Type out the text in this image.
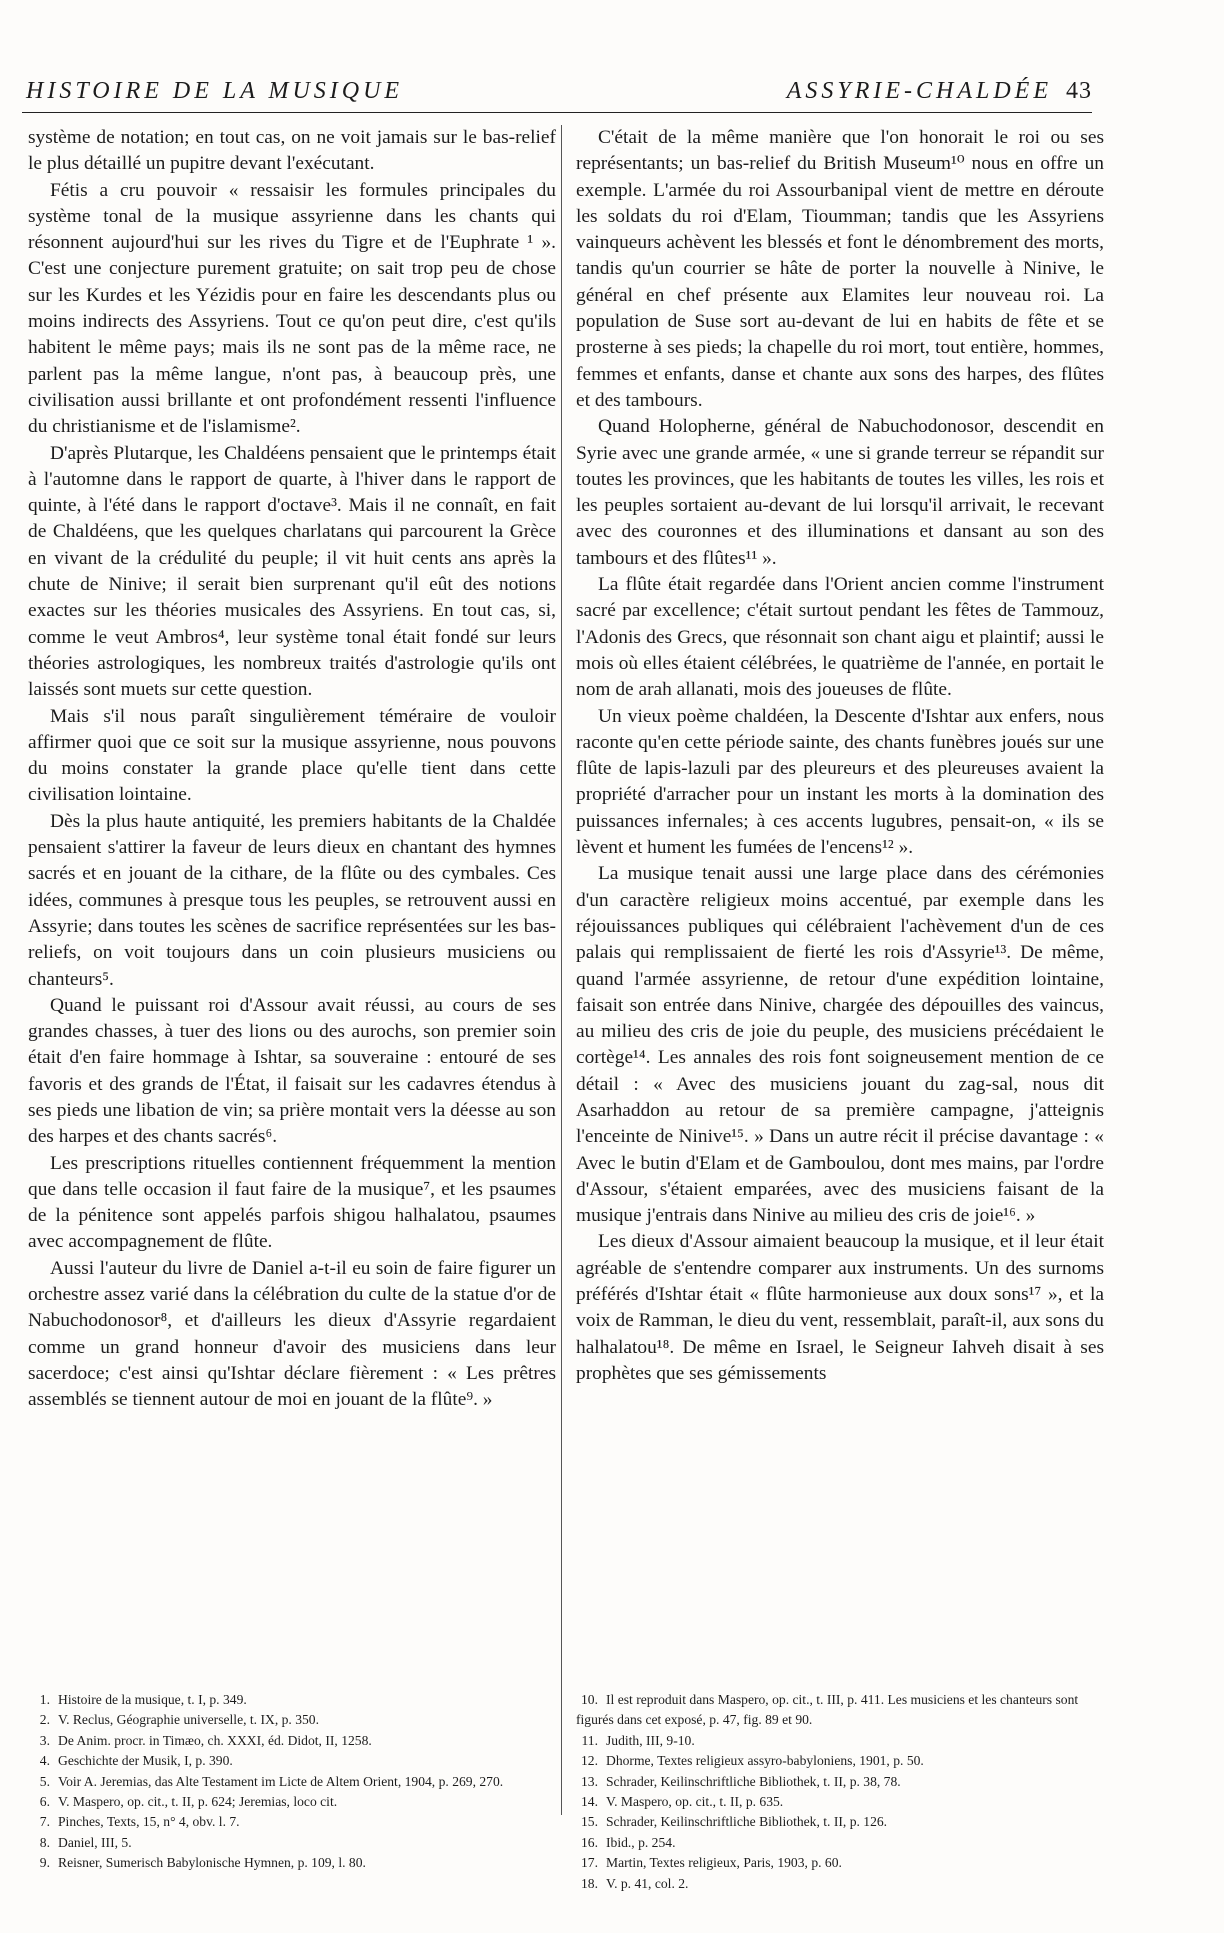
HISTOIRE DE LA MUSIQUE	ASSYRIE-CHALDÉE 43

système de notation; en tout cas, on ne voit jamais sur le bas-relief le plus détaillé un pupitre devant l'exécutant.

Fétis a cru pouvoir « ressaisir les formules principales du système tonal de la musique assyrienne dans les chants qui résonnent aujourd'hui sur les rives du Tigre et de l'Euphrate ¹ ». C'est une conjecture purement gratuite; on sait trop peu de chose sur les Kurdes et les Yézidis pour en faire les descendants plus ou moins indirects des Assyriens. Tout ce qu'on peut dire, c'est qu'ils habitent le même pays; mais ils ne sont pas de la même race, ne parlent pas la même langue, n'ont pas, à beaucoup près, une civilisation aussi brillante et ont profondément ressenti l'influence du christianisme et de l'islamisme².

D'après Plutarque, les Chaldéens pensaient que le printemps était à l'automne dans le rapport de quarte, à l'hiver dans le rapport de quinte, à l'été dans le rapport d'octave³. Mais il ne connaît, en fait de Chaldéens, que les quelques charlatans qui parcourent la Grèce en vivant de la crédulité du peuple; il vit huit cents ans après la chute de Ninive; il serait bien surprenant qu'il eût des notions exactes sur les théories musicales des Assyriens. En tout cas, si, comme le veut Ambros⁴, leur système tonal était fondé sur leurs théories astrologiques, les nombreux traités d'astrologie qu'ils ont laissés sont muets sur cette question.

Mais s'il nous paraît singulièrement téméraire de vouloir affirmer quoi que ce soit sur la musique assyrienne, nous pouvons du moins constater la grande place qu'elle tient dans cette civilisation lointaine.

Dès la plus haute antiquité, les premiers habitants de la Chaldée pensaient s'attirer la faveur de leurs dieux en chantant des hymnes sacrés et en jouant de la cithare, de la flûte ou des cymbales. Ces idées, communes à presque tous les peuples, se retrouvent aussi en Assyrie; dans toutes les scènes de sacrifice représentées sur les bas-reliefs, on voit toujours dans un coin plusieurs musiciens ou chanteurs⁵.

Quand le puissant roi d'Assour avait réussi, au cours de ses grandes chasses, à tuer des lions ou des aurochs, son premier soin était d'en faire hommage à Ishtar, sa souveraine : entouré de ses favoris et des grands de l'État, il faisait sur les cadavres étendus à ses pieds une libation de vin; sa prière montait vers la déesse au son des harpes et des chants sacrés⁶.

Les prescriptions rituelles contiennent fréquemment la mention que dans telle occasion il faut faire de la musique⁷, et les psaumes de la pénitence sont appelés parfois shigou halhalatou, psaumes avec accompagnement de flûte.

Aussi l'auteur du livre de Daniel a-t-il eu soin de faire figurer un orchestre assez varié dans la célébration du culte de la statue d'or de Nabuchodonosor⁸, et d'ailleurs les dieux d'Assyrie regardaient comme un grand honneur d'avoir des musiciens dans leur sacerdoce; c'est ainsi qu'Ishtar déclare fièrement : « Les prêtres assemblés se tiennent autour de moi en jouant de la flûte⁹. »

C'était de la même manière que l'on honorait le roi ou ses représentants; un bas-relief du British Museum¹⁰ nous en offre un exemple. L'armée du roi Assourbanipal vient de mettre en déroute les soldats du roi d'Elam, Tioumman; tandis que les Assyriens vainqueurs achèvent les blessés et font le dénombrement des morts, tandis qu'un courrier se hâte de porter la nouvelle à Ninive, le général en chef présente aux Elamites leur nouveau roi. La population de Suse sort au-devant de lui en habits de fête et se prosterne à ses pieds; la chapelle du roi mort, tout entière, hommes, femmes et enfants, danse et chante aux sons des harpes, des flûtes et des tambours.

Quand Holopherne, général de Nabuchodonosor, descendit en Syrie avec une grande armée, « une si grande terreur se répandit sur toutes les provinces, que les habitants de toutes les villes, les rois et les peuples sortaient au-devant de lui lorsqu'il arrivait, le recevant avec des couronnes et des illuminations et dansant au son des tambours et des flûtes¹¹ ».

La flûte était regardée dans l'Orient ancien comme l'instrument sacré par excellence; c'était surtout pendant les fêtes de Tammouz, l'Adonis des Grecs, que résonnait son chant aigu et plaintif; aussi le mois où elles étaient célébrées, le quatrième de l'année, en portait le nom de arah allanati, mois des joueuses de flûte.

Un vieux poème chaldéen, la Descente d'Ishtar aux enfers, nous raconte qu'en cette période sainte, des chants funèbres joués sur une flûte de lapis-lazuli par des pleureurs et des pleureuses avaient la propriété d'arracher pour un instant les morts à la domination des puissances infernales; à ces accents lugubres, pensait-on, « ils se lèvent et hument les fumées de l'encens¹² ».

La musique tenait aussi une large place dans des cérémonies d'un caractère religieux moins accentué, par exemple dans les réjouissances publiques qui célébraient l'achèvement d'un de ces palais qui remplissaient de fierté les rois d'Assyrie¹³. De même, quand l'armée assyrienne, de retour d'une expédition lointaine, faisait son entrée dans Ninive, chargée des dépouilles des vaincus, au milieu des cris de joie du peuple, des musiciens précédaient le cortège¹⁴. Les annales des rois font soigneusement mention de ce détail : « Avec des musiciens jouant du zag-sal, nous dit Asarhaddon au retour de sa première campagne, j'atteignis l'enceinte de Ninive¹⁵. » Dans un autre récit il précise davantage : « Avec le butin d'Elam et de Gamboulou, dont mes mains, par l'ordre d'Assour, s'étaient emparées, avec des musiciens faisant de la musique j'entrais dans Ninive au milieu des cris de joie¹⁶. »

Les dieux d'Assour aimaient beaucoup la musique, et il leur était agréable de s'entendre comparer aux instruments. Un des surnoms préférés d'Ishtar était « flûte harmonieuse aux doux sons¹⁷ », et la voix de Ramman, le dieu du vent, ressemblait, paraît-il, aux sons du halhalatou¹⁸. De même en Israel, le Seigneur Iahveh disait à ses prophètes que ses gémissements

1. Histoire de la musique, t. I, p. 349.

2. V. Reclus, Géographie universelle, t. IX, p. 350.

3. De Anim. procr. in Timæo, ch. XXXI, éd. Didot, II, 1258.

4. Geschichte der Musik, I, p. 390.

5. Voir A. Jeremias, das Alte Testament im Licte de Altem Orient, 1904, p. 269, 270.

6. V. Maspero, op. cit., t. II, p. 624; Jeremias, loco cit.

7. Pinches, Texts, 15, n° 4, obv. l. 7.

8. Daniel, III, 5.

9. Reisner, Sumerisch Babylonische Hymnen, p. 109, l. 80.

10. Il est reproduit dans Maspero, op. cit., t. III, p. 411. Les musiciens et les chanteurs sont figurés dans cet exposé, p. 47, fig. 89 et 90.

11. Judith, III, 9-10.

12. Dhorme, Textes religieux assyro-babyloniens, 1901, p. 50.

13. Schrader, Keilinschriftliche Bibliothek, t. II, p. 38, 78.

14. V. Maspero, op. cit., t. II, p. 635.

15. Schrader, Keilinschriftliche Bibliothek, t. II, p. 126.

16. Ibid., p. 254.

17. Martin, Textes religieux, Paris, 1903, p. 60.

18. V. p. 41, col. 2.
